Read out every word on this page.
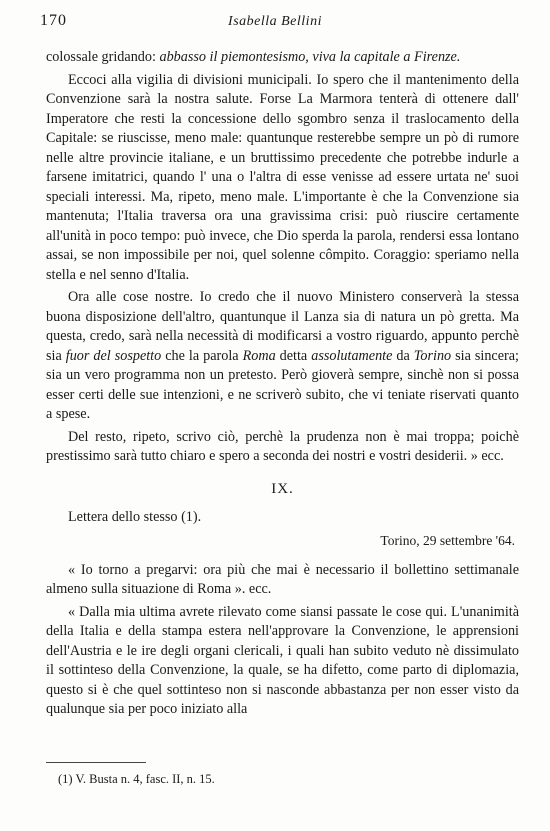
170	Isabella Bellini

colossale gridando: abbasso il piemontesismo, viva la capitale a Firenze.

Eccoci alla vigilia di divisioni municipali. Io spero che il mantenimento della Convenzione sarà la nostra salute. Forse La Marmora tenterà di ottenere dall' Imperatore che resti la concessione dello sgombro senza il traslocamento della Capitale: se riuscisse, meno male: quantunque resterebbe sempre un pò di rumore nelle altre provincie italiane, e un bruttissimo precedente che potrebbe indurle a farsene imitatrici, quando l' una o l'altra di esse venisse ad essere urtata ne' suoi speciali interessi. Ma, ripeto, meno male. L'importante è che la Convenzione sia mantenuta; l'Italia traversa ora una gravissima crisi: può riuscire certamente all'unità in poco tempo: può invece, che Dio sperda la parola, rendersi essa lontano assai, se non impossibile per noi, quel solenne cômpito. Coraggio: speriamo nella stella e nel senno d'Italia.

Ora alle cose nostre. Io credo che il nuovo Ministero conserverà la stessa buona disposizione dell'altro, quantunque il Lanza sia di natura un pò gretta. Ma questa, credo, sarà nella necessità di modificarsi a vostro riguardo, appunto perchè sia fuor del sospetto che la parola Roma detta assolutamente da Torino sia sincera; sia un vero programma non un pretesto. Però gioverà sempre, sinchè non si possa esser certi delle sue intenzioni, e ne scriverò subito, che vi teniate riservati quanto a spese.

Del resto, ripeto, scrivo ciò, perchè la prudenza non è mai troppa; poichè prestissimo sarà tutto chiaro e spero a seconda dei nostri e vostri desiderii. » ecc.

IX.

Lettera dello stesso (1).

Torino, 29 settembre '64.

« Io torno a pregarvi: ora più che mai è necessario il bollettino settimanale almeno sulla situazione di Roma ». ecc.

« Dalla mia ultima avrete rilevato come siansi passate le cose qui. L'unanimità della Italia e della stampa estera nell'approvare la Convenzione, le apprensioni dell'Austria e le ire degli organi clericali, i quali han subito veduto nè dissimulato il sottinteso della Convenzione, la quale, se ha difetto, come parto di diplomazia, questo si è che quel sottinteso non si nasconde abbastanza per non esser visto da qualunque sia per poco iniziato alla

(1) V. Busta n. 4, fasc. II, n. 15.
